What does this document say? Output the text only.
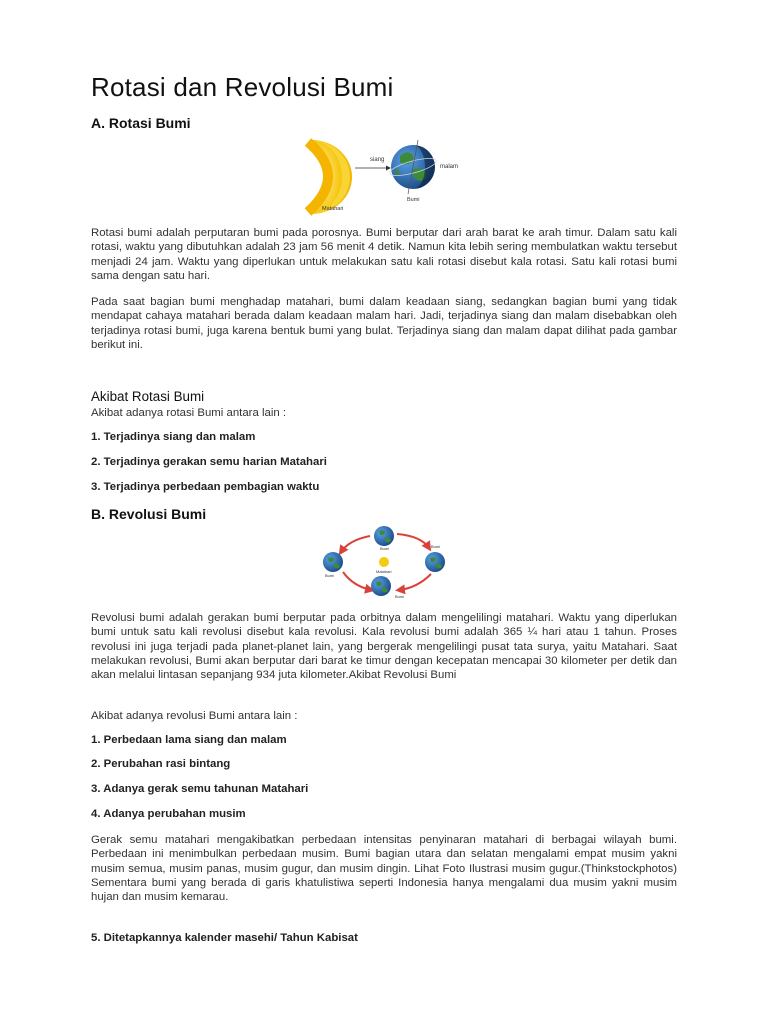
Rotasi dan Revolusi Bumi
A. Rotasi Bumi
siang
malam
Bumi
Matahari

Rotasi bumi adalah perputaran bumi pada porosnya. Bumi berputar dari arah barat ke arah timur. Dalam satu kali rotasi, waktu yang dibutuhkan adalah 23 jam 56 menit 4 detik. Namun kita lebih sering membulatkan waktu tersebut menjadi 24 jam. Waktu yang diperlukan untuk melakukan satu kali rotasi disebut kala rotasi. Satu kali rotasi bumi sama dengan satu hari.

Pada saat bagian bumi menghadap matahari, bumi dalam keadaan siang, sedangkan bagian bumi yang tidak mendapat cahaya matahari berada dalam keadaan malam hari. Jadi, terjadinya siang dan malam disebabkan oleh terjadinya rotasi bumi, juga karena bentuk bumi yang bulat. Terjadinya siang dan malam dapat dilihat pada gambar berikut ini.

Akibat Rotasi Bumi

Akibat adanya rotasi Bumi antara lain :

1. Terjadinya siang dan malam

2. Terjadinya gerakan semu harian Matahari

3. Terjadinya perbedaan pembagian waktu

B. Revolusi Bumi
Bumi	Bumi
Bumi
Bumi
Matahari

Revolusi bumi adalah gerakan bumi berputar pada orbitnya dalam mengelilingi matahari. Waktu yang diperlukan bumi untuk satu kali revolusi disebut kala revolusi. Kala revolusi bumi adalah 365 ¼ hari atau 1 tahun. Proses revolusi ini juga terjadi pada planet-planet lain, yang bergerak mengelilingi pusat tata surya, yaitu Matahari. Saat melakukan revolusi, Bumi akan berputar dari barat ke timur dengan kecepatan mencapai 30 kilometer per detik dan akan melalui lintasan sepanjang 934 juta kilometer.Akibat Revolusi Bumi

Akibat adanya revolusi Bumi antara lain :

1. Perbedaan lama siang dan malam

2. Perubahan rasi bintang

3. Adanya gerak semu tahunan Matahari

4. Adanya perubahan musim

Gerak semu matahari mengakibatkan perbedaan intensitas penyinaran matahari di berbagai wilayah bumi. Perbedaan ini menimbulkan perbedaan musim. Bumi bagian utara dan selatan mengalami empat musim yakni musim semua, musim panas, musim gugur, dan musim dingin. Lihat Foto Ilustrasi musim gugur.(Thinkstockphotos) Sementara bumi yang berada di garis khatulistiwa seperti Indonesia hanya mengalami dua musim yakni musim hujan dan musim kemarau.

5. Ditetapkannya kalender masehi/ Tahun Kabisat
